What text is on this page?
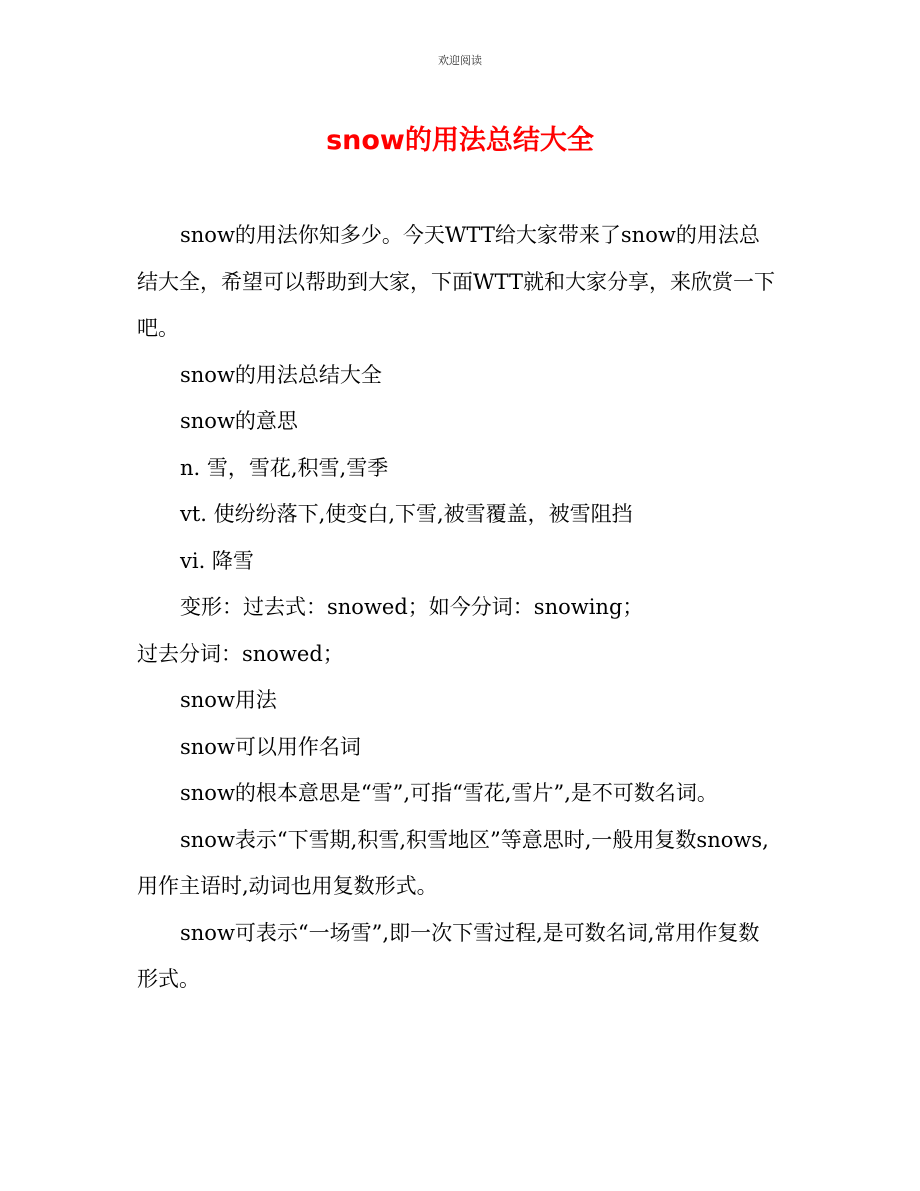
欢迎阅读
snow的用法总结大全

snow的用法你知多少。今天WTT给大家带来了snow的用法总结大全，希望可以帮助到大家，下面WTT就和大家分享，来欣赏一下吧。

snow的用法总结大全

snow的意思

n. 雪，雪花,积雪,雪季

vt. 使纷纷落下,使变白,下雪,被雪覆盖，被雪阻挡

vi. 降雪

变形：过去式：snowed；如今分词：snowing；

过去分词：snowed；

snow用法

snow可以用作名词

snow的根本意思是“雪”,可指“雪花,雪片”,是不可数名词。

snow表示“下雪期,积雪,积雪地区”等意思时,一般用复数snows,用作主语时,动词也用复数形式。

snow可表示“一场雪”,即一次下雪过程,是可数名词,常用作复数形式。
